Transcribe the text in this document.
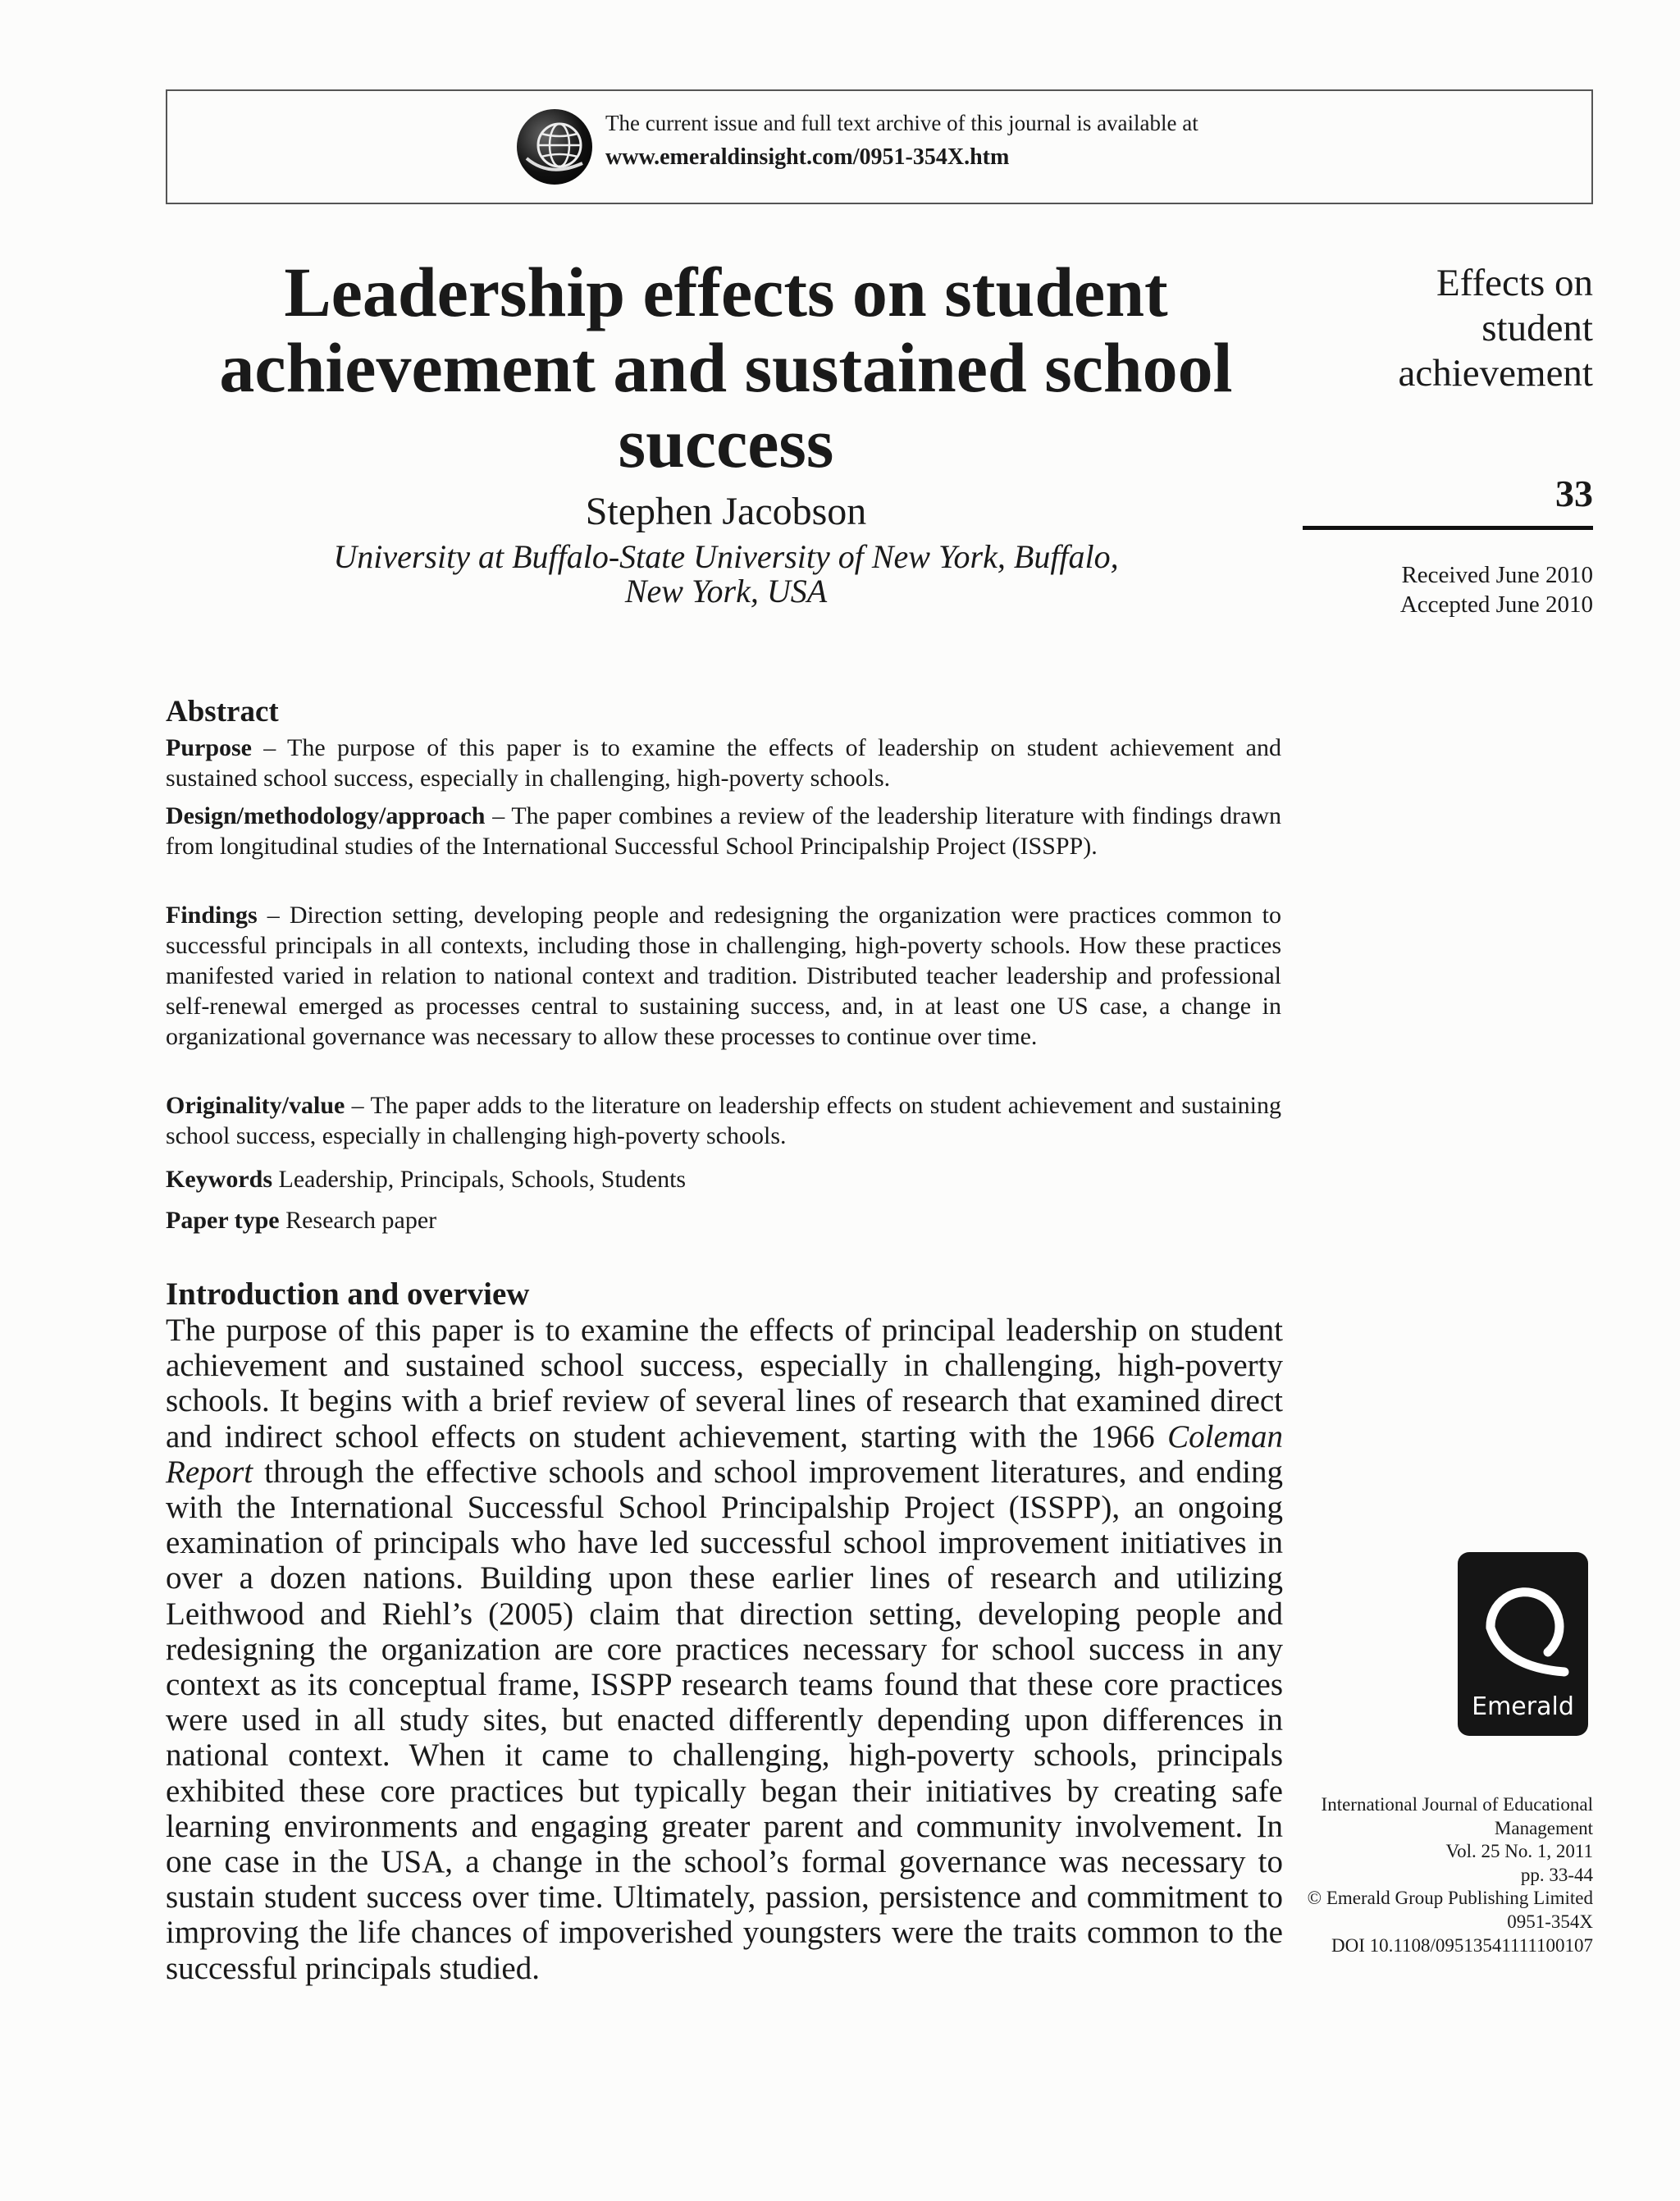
The current issue and full text archive of this journal is available at
www.emeraldinsight.com/0951-354X.htm
Leadership effects on student
achievement and sustained school
success
Stephen Jacobson
University at Buffalo-State University of New York, Buffalo,
New York, USA
Effects on
student
achievement
33
Received June 2010
Accepted June 2010
Abstract

Purpose – The purpose of this paper is to examine the effects of leadership on student achievement and sustained school success, especially in challenging, high-poverty schools.

Design/methodology/approach – The paper combines a review of the leadership literature with findings drawn from longitudinal studies of the International Successful School Principalship Project (ISSPP).

Findings – Direction setting, developing people and redesigning the organization were practices common to successful principals in all contexts, including those in challenging, high-poverty schools. How these practices manifested varied in relation to national context and tradition. Distributed teacher leadership and professional self-renewal emerged as processes central to sustaining success, and, in at least one US case, a change in organizational governance was necessary to allow these processes to continue over time.

Originality/value – The paper adds to the literature on leadership effects on student achievement and sustaining school success, especially in challenging high-poverty schools.

Keywords Leadership, Principals, Schools, Students

Paper type Research paper

Introduction and overview

The purpose of this paper is to examine the effects of principal leadership on student achievement and sustained school success, especially in challenging, high-poverty schools. It begins with a brief review of several lines of research that examined direct and indirect school effects on student achievement, starting with the 1966 Coleman Report through the effective schools and school improvement literatures, and ending with the International Successful School Principalship Project (ISSPP), an ongoing examination of principals who have led successful school improvement initiatives in over a dozen nations. Building upon these earlier lines of research and utilizing Leithwood and Riehl’s (2005) claim that direction setting, developing people and redesigning the organization are core practices necessary for school success in any context as its conceptual frame, ISSPP research teams found that these core practices were used in all study sites, but enacted differently depending upon differences in national context. When it came to challenging, high-poverty schools, principals exhibited these core practices but typically began their initiatives by creating safe learning environments and engaging greater parent and community involvement. In one case in the USA, a change in the school’s formal governance was necessary to sustain student success over time. Ultimately, passion, persistence and commitment to improving the life chances of impoverished youngsters were the traits common to the successful principals studied.

Emerald
International Journal of Educational
Management
Vol. 25 No. 1, 2011
pp. 33-44
© Emerald Group Publishing Limited
0951-354X
DOI 10.1108/09513541111100107
